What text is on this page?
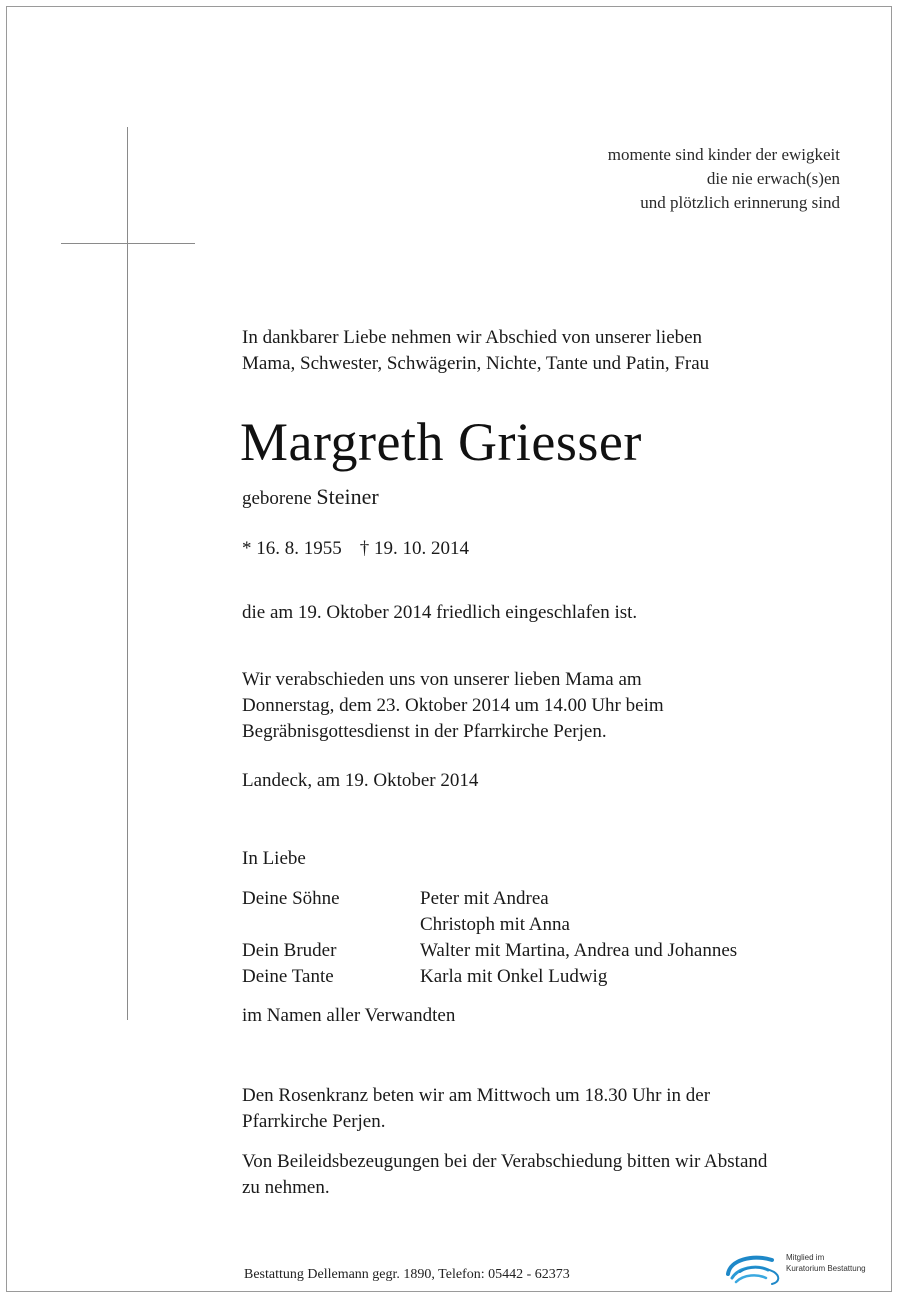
momente sind kinder der ewigkeit
die nie erwach(s)en
und plötzlich erinnerung sind
In dankbarer Liebe nehmen wir Abschied von unserer lieben
Mama, Schwester, Schwägerin, Nichte, Tante und Patin, Frau
Margreth Griesser
geborene Steiner
* 16. 8. 1955 † 19. 10. 2014
die am 19. Oktober 2014 friedlich eingeschlafen ist.
Wir verabschieden uns von unserer lieben Mama am
Donnerstag, dem 23. Oktober 2014 um 14.00 Uhr beim
Begräbnisgottesdienst in der Pfarrkirche Perjen.
Landeck, am 19. Oktober 2014
In Liebe
Deine Söhne	Peter mit Andrea
Christoph mit Anna
Dein Bruder	Walter mit Martina, Andrea und Johannes
Deine Tante	Karla mit Onkel Ludwig
im Namen aller Verwandten
Den Rosenkranz beten wir am Mittwoch um 18.30 Uhr in der
Pfarrkirche Perjen.
Von Beileidsbezeugungen bei der Verabschiedung bitten wir Abstand
zu nehmen.
Bestattung Dellemann gegr. 1890, Telefon: 05442 - 62373
Mitglied im
Kuratorium Bestattung
